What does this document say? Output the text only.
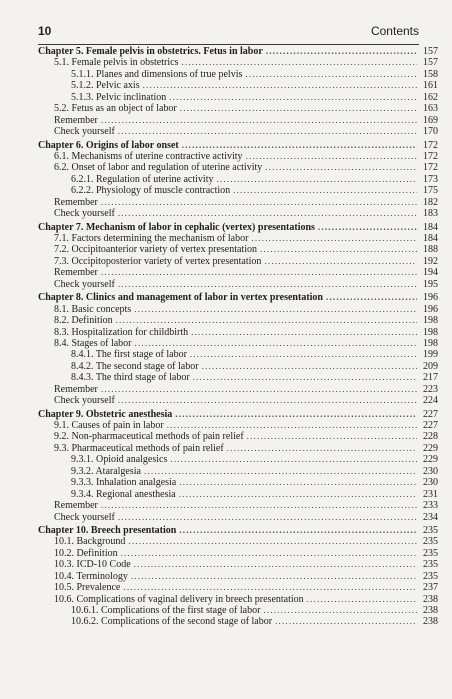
10	Contents
Chapter 5. Female pelvis in obstetrics. Fetus in labor .....	157
5.1. Female pelvis in obstetrics .....	157
5.1.1. Planes and dimensions of true pelvis .....	158
5.1.2. Pelvic axis .....	161
5.1.3. Pelvic inclination .....	162
5.2. Fetus as an object of labor .....	163
Remember .....	169
Check yourself .....	170
Chapter 6. Origins of labor onset .....	172
6.1. Mechanisms of uterine contractive activity .....	172
6.2. Onset of labor and regulation of uterine activity .....	172
6.2.1. Regulation of uterine activity .....	173
6.2.2. Physiology of muscle contraction .....	175
Remember .....	182
Check yourself .....	183
Chapter 7. Mechanism of labor in cephalic (vertex) presentations .....	184
7.1. Factors determining the mechanism of labor .....	184
7.2. Occipitoanterior variety of vertex presentation .....	188
7.3. Occipitoposterior variety of vertex presentation .....	192
Remember .....	194
Check yourself .....	195
Chapter 8. Clinics and management of labor in vertex presentation .....	196
8.1. Basic concepts .....	196
8.2. Definition .....	198
8.3. Hospitalization for childbirth .....	198
8.4. Stages of labor .....	198
8.4.1. The first stage of labor .....	199
8.4.2. The second stage of labor .....	209
8.4.3. The third stage of labor .....	217
Remember .....	223
Check yourself .....	224
Chapter 9. Obstetric anesthesia .....	227
9.1. Causes of pain in labor .....	227
9.2. Non-pharmaceutical methods of pain relief .....	228
9.3. Pharmaceutical methods of pain relief .....	229
9.3.1. Opioid analgesics .....	229
9.3.2. Ataralgesia .....	230
9.3.3. Inhalation analgesia .....	230
9.3.4. Regional anesthesia .....	231
Remember .....	233
Check yourself .....	234
Chapter 10. Breech presentation .....	235
10.1. Background .....	235
10.2. Definition .....	235
10.3. ICD-10 Code .....	235
10.4. Terminology .....	235
10.5. Prevalence .....	237
10.6. Complications of vaginal delivery in breech presentation .....	238
10.6.1. Complications of the first stage of labor .....	238
10.6.2. Complications of the second stage of labor .....	238
